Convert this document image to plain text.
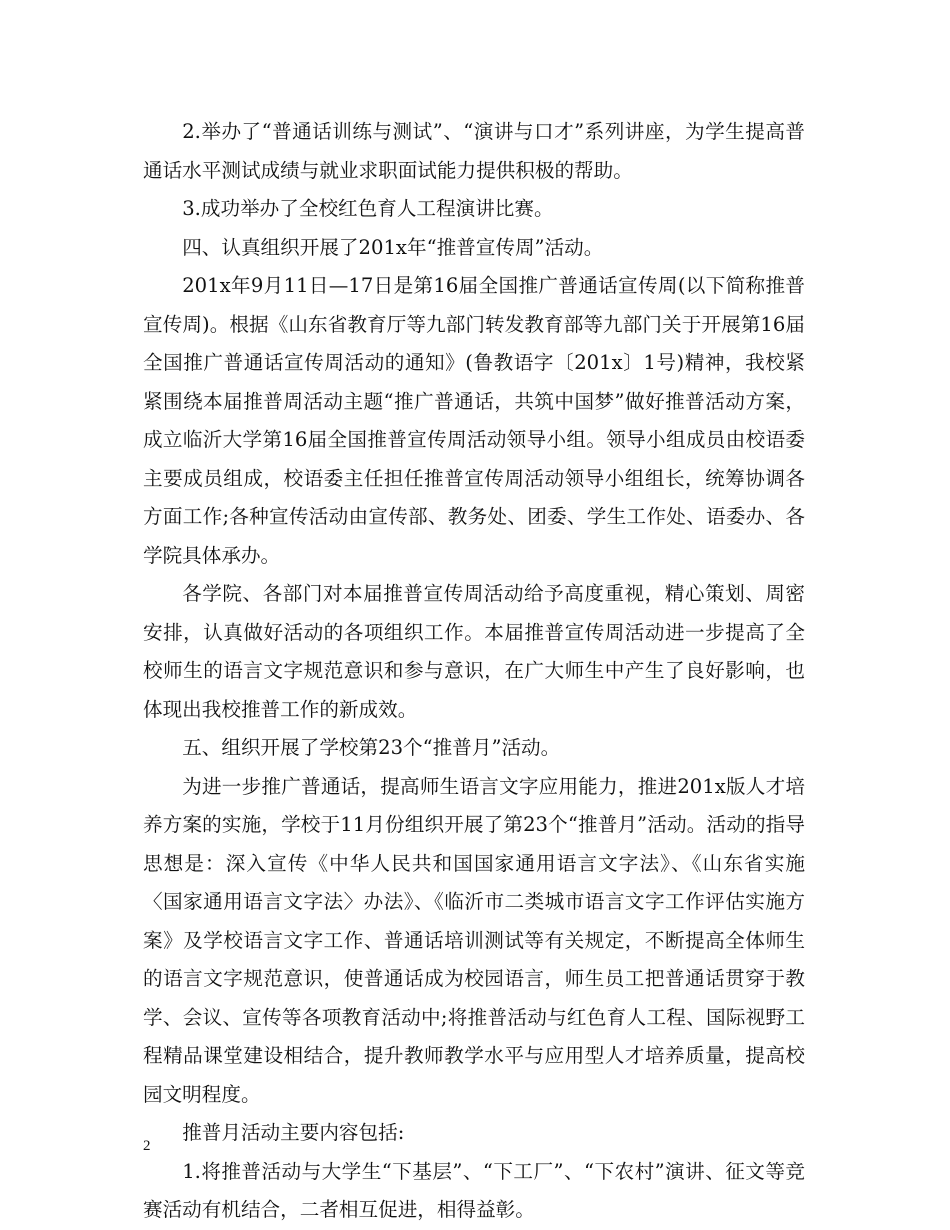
2.举办了“普通话训练与测试”、“演讲与口才”系列讲座，为学生提高普通话水平测试成绩与就业求职面试能力提供积极的帮助。

3.成功举办了全校红色育人工程演讲比赛。

四、认真组织开展了201x年“推普宣传周”活动。

201x年9月11日—17日是第16届全国推广普通话宣传周(以下简称推普宣传周)。根据《山东省教育厅等九部门转发教育部等九部门关于开展第16届全国推广普通话宣传周活动的通知》(鲁教语字〔201x〕1号)精神，我校紧紧围绕本届推普周活动主题“推广普通话，共筑中国梦”做好推普活动方案，成立临沂大学第16届全国推普宣传周活动领导小组。领导小组成员由校语委主要成员组成，校语委主任担任推普宣传周活动领导小组组长，统筹协调各方面工作;各种宣传活动由宣传部、教务处、团委、学生工作处、语委办、各学院具体承办。

各学院、各部门对本届推普宣传周活动给予高度重视，精心策划、周密安排，认真做好活动的各项组织工作。本届推普宣传周活动进一步提高了全校师生的语言文字规范意识和参与意识，在广大师生中产生了良好影响，也体现出我校推普工作的新成效。

五、组织开展了学校第23个“推普月”活动。

为进一步推广普通话，提高师生语言文字应用能力，推进201x版人才培养方案的实施，学校于11月份组织开展了第23个“推普月”活动。活动的指导思想是：深入宣传《中华人民共和国国家通用语言文字法》、《山东省实施〈国家通用语言文字法〉办法》、《临沂市二类城市语言文字工作评估实施方案》及学校语言文字工作、普通话培训测试等有关规定，不断提高全体师生的语言文字规范意识，使普通话成为校园语言，师生员工把普通话贯穿于教学、会议、宣传等各项教育活动中;将推普活动与红色育人工程、国际视野工程精品课堂建设相结合，提升教师教学水平与应用型人才培养质量，提高校园文明程度。

推普月活动主要内容包括:

1.将推普活动与大学生“下基层”、“下工厂”、“下农村”演讲、征文等竞赛活动有机结合，二者相互促进，相得益彰。

2
